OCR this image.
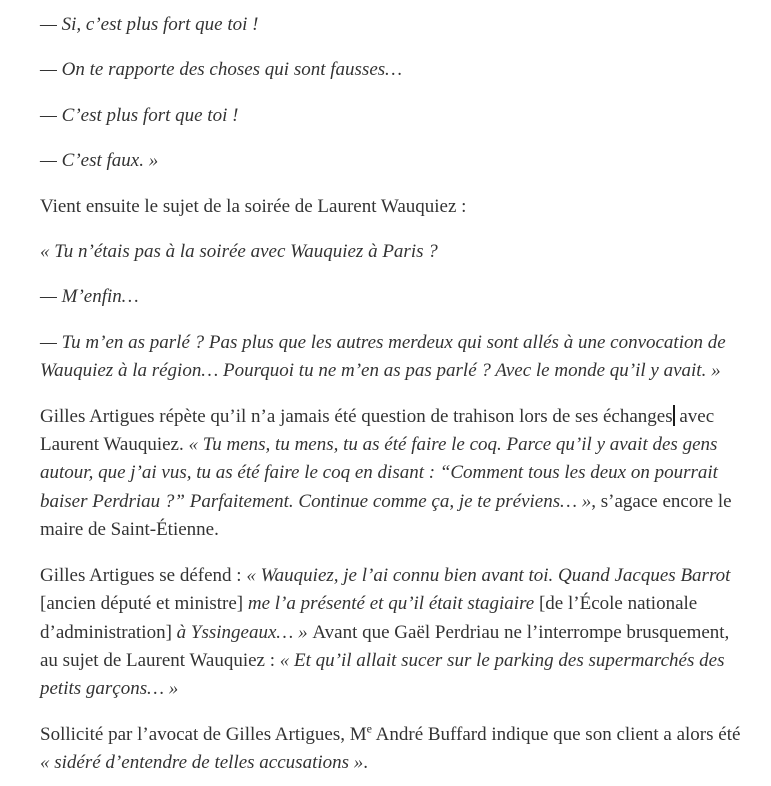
— Si, c’est plus fort que toi !

— On te rapporte des choses qui sont fausses…

— C’est plus fort que toi !

— C’est faux. »

Vient ensuite le sujet de la soirée de Laurent Wauquiez :

« Tu n’étais pas à la soirée avec Wauquiez à Paris ?

— M’enfin…

— Tu m’en as parlé ? Pas plus que les autres merdeux qui sont allés à une convocation de Wauquiez à la région… Pourquoi tu ne m’en as pas parlé ? Avec le monde qu’il y avait. »

Gilles Artigues répète qu’il n’a jamais été question de trahison lors de ses échanges avec Laurent Wauquiez. « Tu mens, tu mens, tu as été faire le coq. Parce qu’il y avait des gens autour, que j’ai vus, tu as été faire le coq en disant : “Comment tous les deux on pourrait baiser Perdriau ?” Parfaitement. Continue comme ça, je te préviens… », s’agace encore le maire de Saint-Étienne.

Gilles Artigues se défend : « Wauquiez, je l’ai connu bien avant toi. Quand Jacques Barrot [ancien député et ministre] me l’a présenté et qu’il était stagiaire [de l’École nationale d’administration] à Yssingeaux… » Avant que Gaël Perdriau ne l’interrompe brusquement, au sujet de Laurent Wauquiez : « Et qu’il allait sucer sur le parking des supermarchés des petits garçons… »

Sollicité par l’avocat de Gilles Artigues, Me André Buffard indique que son client a alors été « sidéré d’entendre de telles accusations ».
